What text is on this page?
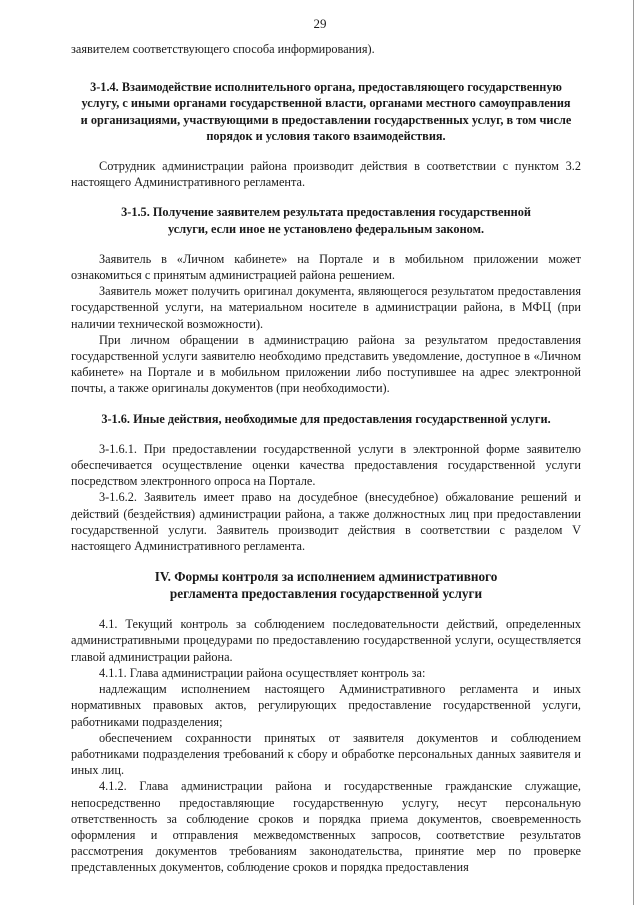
29

заявителем соответствующего способа информирования).

3-1.4. Взаимодействие исполнительного органа, предоставляющего государственную услугу, с иными органами государственной власти, органами местного самоуправления и организациями, участвующими в предоставлении государственных услуг, в том числе порядок и условия такого взаимодействия.

Сотрудник администрации района производит действия в соответствии с пунктом 3.2 настоящего Административного регламента.

3-1.5. Получение заявителем результата предоставления государственной услуги, если иное не установлено федеральным законом.

Заявитель в «Личном кабинете» на Портале и в мобильном приложении может ознакомиться с принятым администрацией района решением.

Заявитель может получить оригинал документа, являющегося результатом предоставления государственной услуги, на материальном носителе в администрации района, в МФЦ (при наличии технической возможности).

При личном обращении в администрацию района за результатом предоставления государственной услуги заявителю необходимо представить уведомление, доступное в «Личном кабинете» на Портале и в мобильном приложении либо поступившее на адрес электронной почты, а также оригиналы документов (при необходимости).

3-1.6. Иные действия, необходимые для предоставления государственной услуги.

3-1.6.1. При предоставлении государственной услуги в электронной форме заявителю обеспечивается осуществление оценки качества предоставления государственной услуги посредством электронного опроса на Портале.

3-1.6.2. Заявитель имеет право на досудебное (внесудебное) обжалование решений и действий (бездействия) администрации района, а также должностных лиц при предоставлении государственной услуги. Заявитель производит действия в соответствии с разделом V настоящего Административного регламента.

IV. Формы контроля за исполнением административного регламента предоставления государственной услуги

4.1. Текущий контроль за соблюдением последовательности действий, определенных административными процедурами по предоставлению государственной услуги, осуществляется главой администрации района.

4.1.1. Глава администрации района осуществляет контроль за:

надлежащим исполнением настоящего Административного регламента и иных нормативных правовых актов, регулирующих предоставление государственной услуги, работниками подразделения;

обеспечением сохранности принятых от заявителя документов и соблюдением работниками подразделения требований к сбору и обработке персональных данных заявителя и иных лиц.

4.1.2. Глава администрации района и государственные гражданские служащие, непосредственно предоставляющие государственную услугу, несут персональную ответственность за соблюдение сроков и порядка приема документов, своевременность оформления и отправления межведомственных запросов, соответствие результатов рассмотрения документов требованиям законодательства, принятие мер по проверке представленных документов, соблюдение сроков и порядка предоставления
